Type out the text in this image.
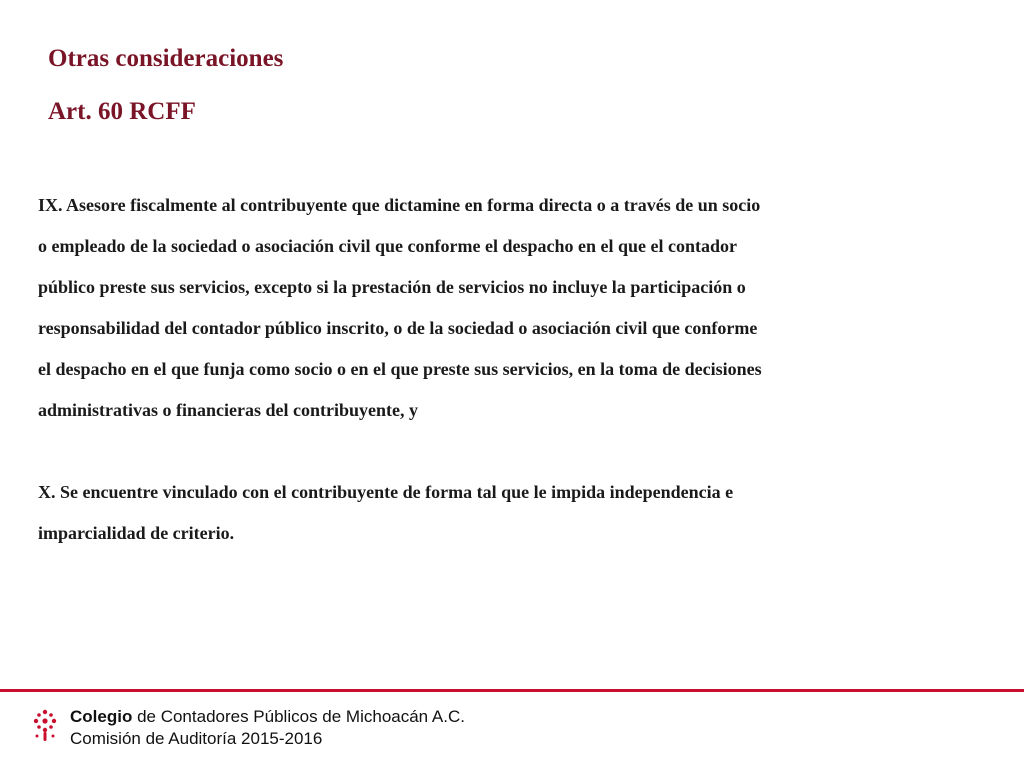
Otras consideraciones
Art. 60 RCFF
IX. Asesore fiscalmente al contribuyente que dictamine en forma directa o a través de un socio
o empleado de la sociedad o asociación civil que conforme el despacho en el que el contador
público preste sus servicios, excepto si la prestación de servicios no incluye la participación o
responsabilidad del contador público inscrito, o de la sociedad o asociación civil que conforme
el despacho en el que funja como socio o en el que preste sus servicios, en la toma de decisiones
administrativas o financieras del contribuyente, y
X. Se encuentre vinculado con el contribuyente de forma tal que le impida independencia e
imparcialidad de criterio.
Colegio de Contadores Públicos de Michoacán A.C.
Comisión de Auditoría 2015-2016
